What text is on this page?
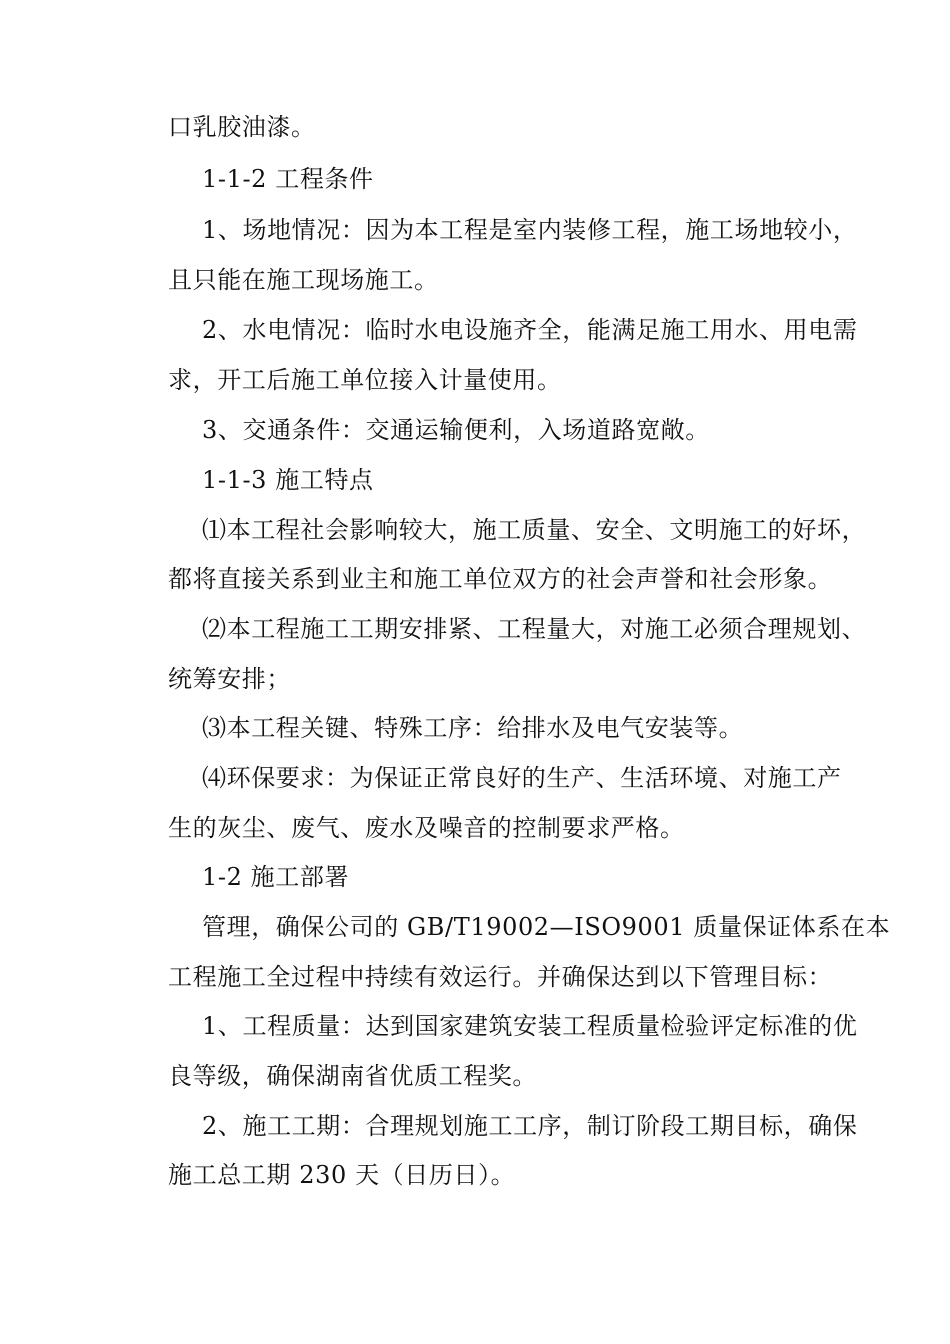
口乳胶油漆。
1-1-2 工程条件
1、场地情况：因为本工程是室内装修工程，施工场地较小，
且只能在施工现场施工。
2、水电情况：临时水电设施齐全，能满足施工用水、用电需
求，开工后施工单位接入计量使用。
3、交通条件：交通运输便利，入场道路宽敞。
1-1-3 施工特点
⑴本工程社会影响较大，施工质量、安全、文明施工的好坏，
都将直接关系到业主和施工单位双方的社会声誉和社会形象。
⑵本工程施工工期安排紧、工程量大，对施工必须合理规划、
统筹安排；
⑶本工程关键、特殊工序：给排水及电气安装等。
⑷环保要求：为保证正常良好的生产、生活环境、对施工产
生的灰尘、废气、废水及噪音的控制要求严格。
1-2 施工部署
管理，确保公司的 GB/T19002—ISO9001 质量保证体系在本
工程施工全过程中持续有效运行。并确保达到以下管理目标：
1、工程质量：达到国家建筑安装工程质量检验评定标准的优
良等级，确保湖南省优质工程奖。
2、施工工期：合理规划施工工序，制订阶段工期目标，确保
施工总工期 230 天（日历日）。
